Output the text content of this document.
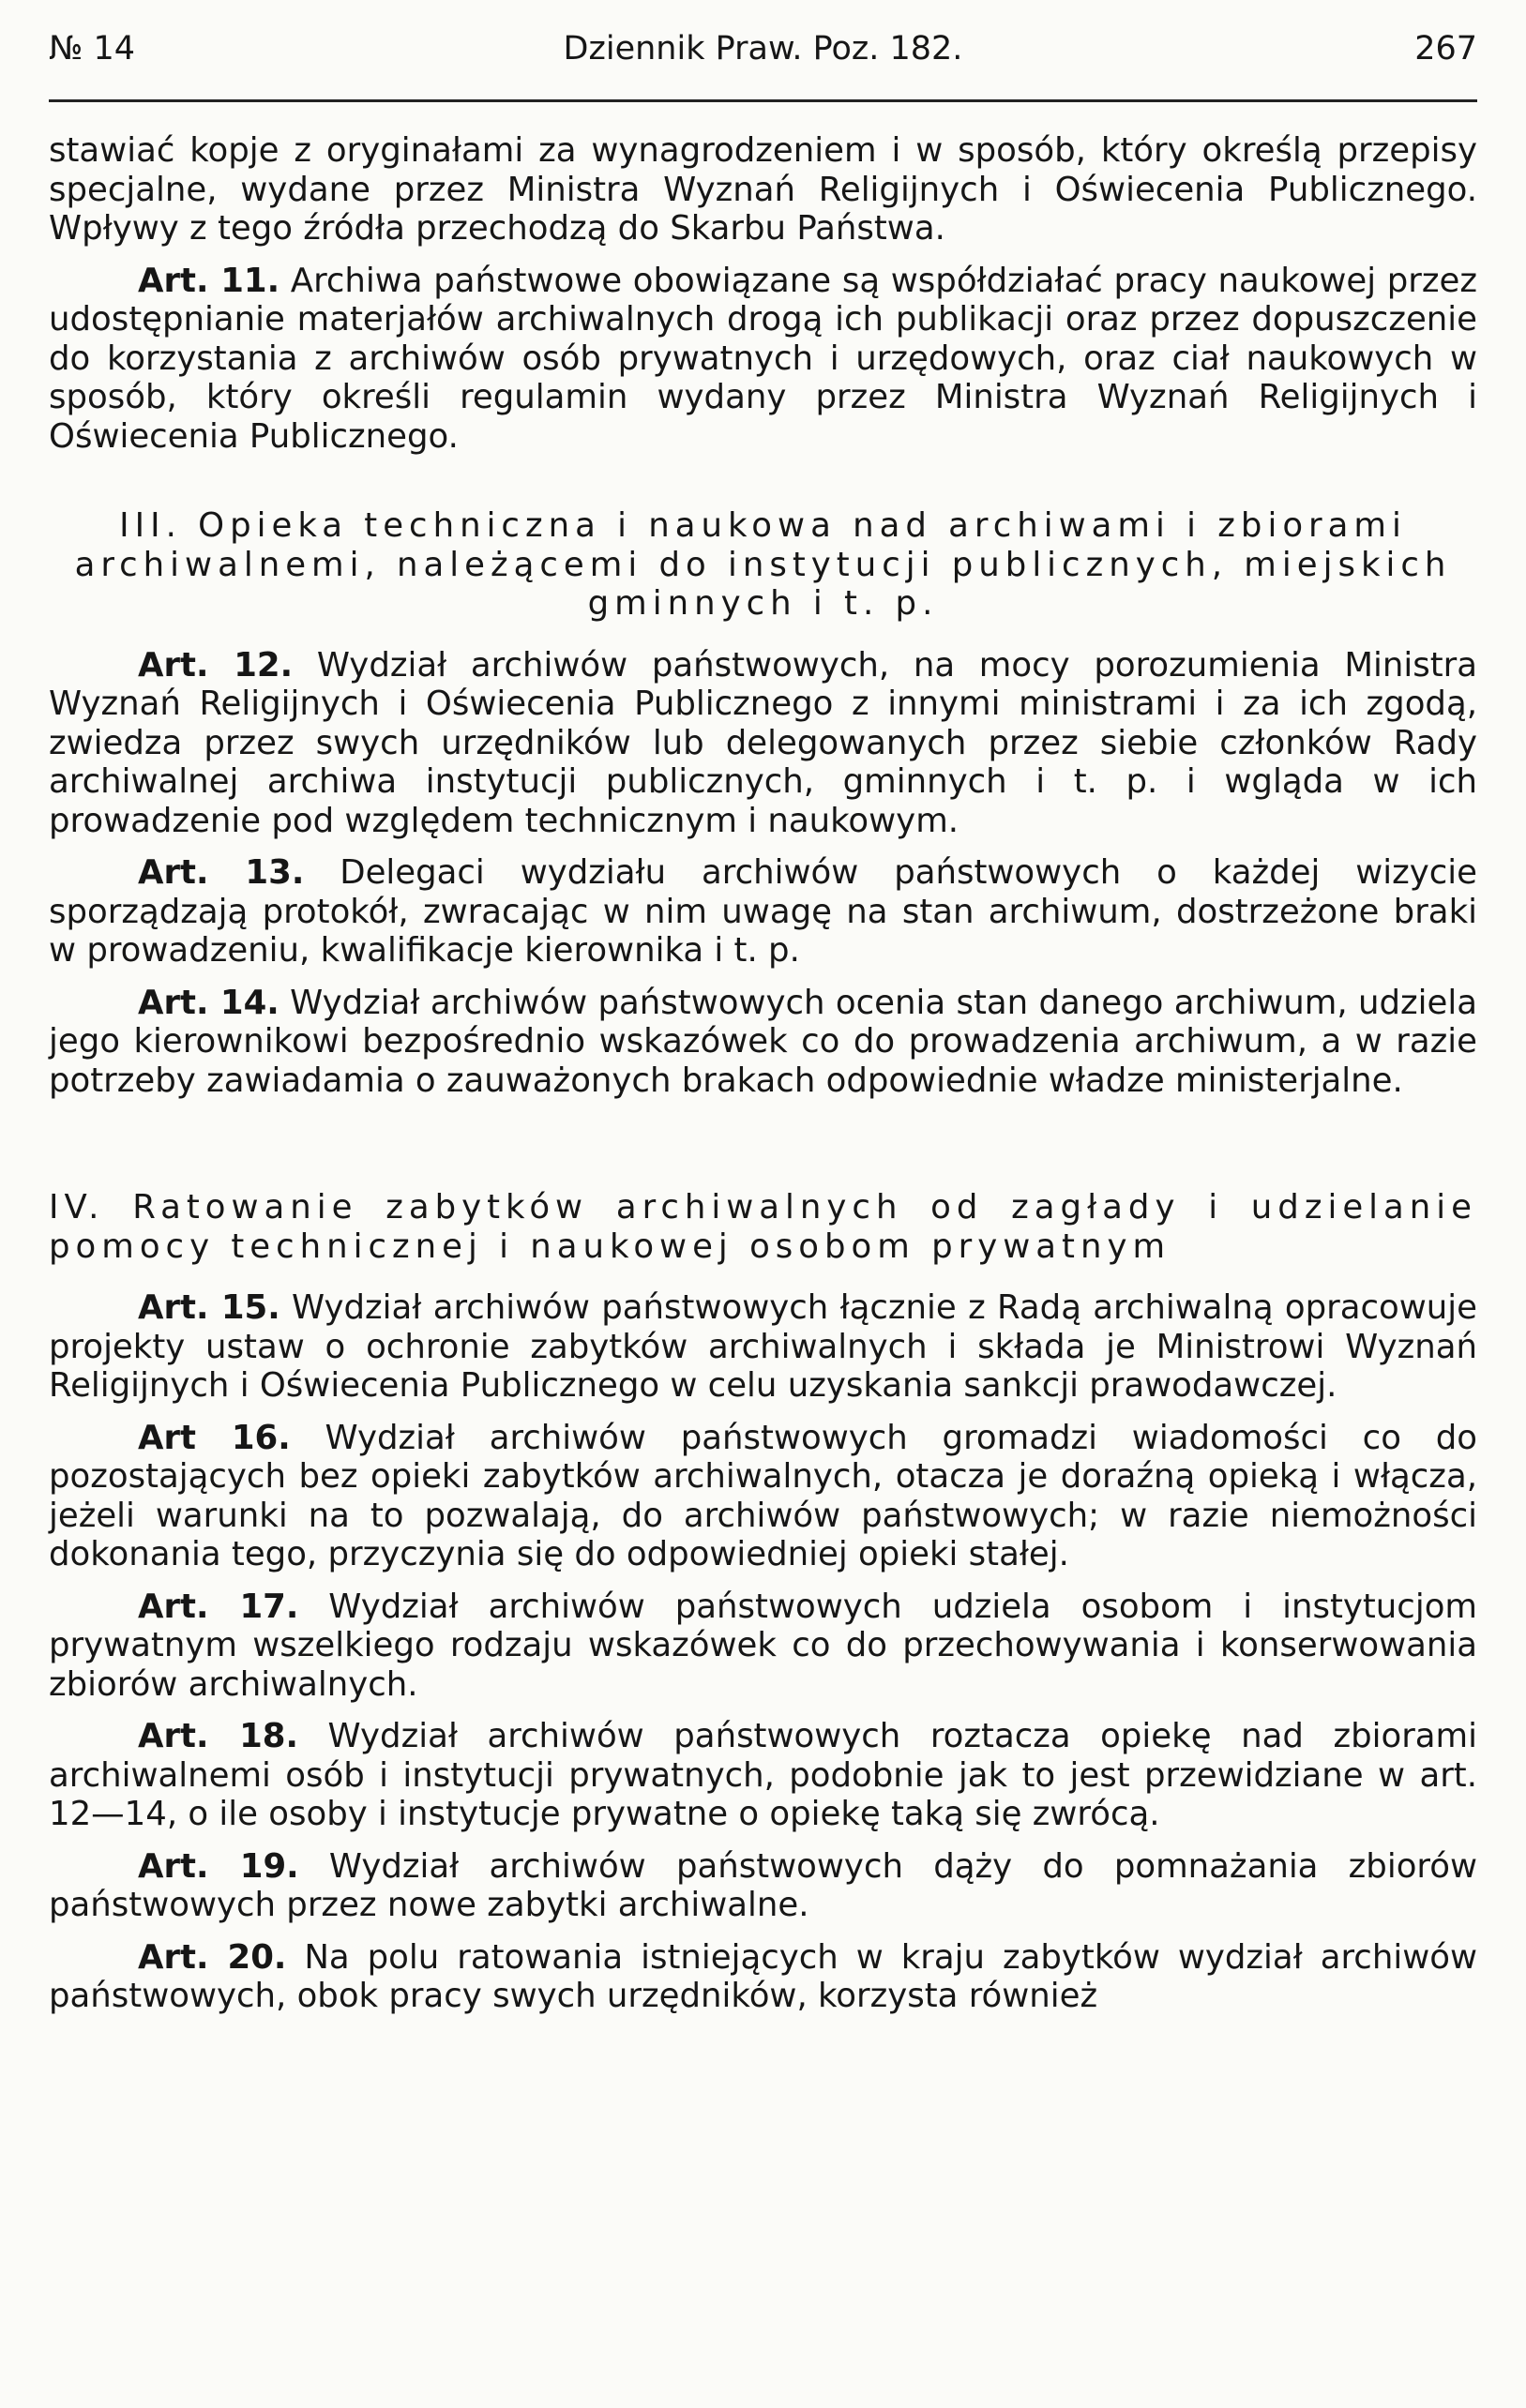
№ 14	Dziennik Praw. Poz. 182.	267

stawiać kopje z oryginałami za wynagrodzeniem i w sposób, który określą przepisy specjalne, wydane przez Ministra Wyznań Religijnych i Oświecenia Publicznego. Wpływy z tego źródła przechodzą do Skarbu Państwa.

Art. 11. Archiwa państwowe obowiązane są współdziałać pracy naukowej przez udostępnianie materjałów archiwalnych drogą ich publikacji oraz przez dopuszczenie do korzystania z archiwów osób prywatnych i urzędowych, oraz ciał naukowych w sposób, który określi regulamin wydany przez Ministra Wyznań Religijnych i Oświecenia Publicznego.

III. Opieka techniczna i naukowa nad archiwami i zbiorami archiwalnemi, należącemi do instytucji publicznych, miejskich gminnych i t. p.

Art. 12. Wydział archiwów państwowych, na mocy porozumienia Ministra Wyznań Religijnych i Oświecenia Publicznego z innymi ministrami i za ich zgodą, zwiedza przez swych urzędników lub delegowanych przez siebie członków Rady archiwalnej archiwa instytucji publicznych, gminnych i t. p. i wgląda w ich prowadzenie pod względem technicznym i naukowym.

Art. 13. Delegaci wydziału archiwów państwowych o każdej wizycie sporządzają protokół, zwracając w nim uwagę na stan archiwum, dostrzeżone braki w prowadzeniu, kwalifikacje kierownika i t. p.

Art. 14. Wydział archiwów państwowych ocenia stan danego archiwum, udziela jego kierownikowi bezpośrednio wskazówek co do prowadzenia archiwum, a w razie potrzeby zawiadamia o zauważonych brakach odpowiednie władze ministerjalne.

IV. Ratowanie zabytków archiwalnych od zagłady i udzielanie pomocy technicznej i naukowej osobom prywatnym

Art. 15. Wydział archiwów państwowych łącznie z Radą archiwalną opracowuje projekty ustaw o ochronie zabytków archiwalnych i składa je Ministrowi Wyznań Religijnych i Oświecenia Publicznego w celu uzyskania sankcji prawodawczej.

Art 16. Wydział archiwów państwowych gromadzi wiadomości co do pozostających bez opieki zabytków archiwalnych, otacza je doraźną opieką i włącza, jeżeli warunki na to pozwalają, do archiwów państwowych; w razie niemożności dokonania tego, przyczynia się do odpowiedniej opieki stałej.

Art. 17. Wydział archiwów państwowych udziela osobom i instytucjom prywatnym wszelkiego rodzaju wskazówek co do przechowywania i konserwowania zbiorów archiwalnych.

Art. 18. Wydział archiwów państwowych roztacza opiekę nad zbiorami archiwalnemi osób i instytucji prywatnych, podobnie jak to jest przewidziane w art. 12—14, o ile osoby i instytucje prywatne o opiekę taką się zwrócą.

Art. 19. Wydział archiwów państwowych dąży do pomnażania zbiorów państwowych przez nowe zabytki archiwalne.

Art. 20. Na polu ratowania istniejących w kraju zabytków wydział archiwów państwowych, obok pracy swych urzędników, korzysta również
